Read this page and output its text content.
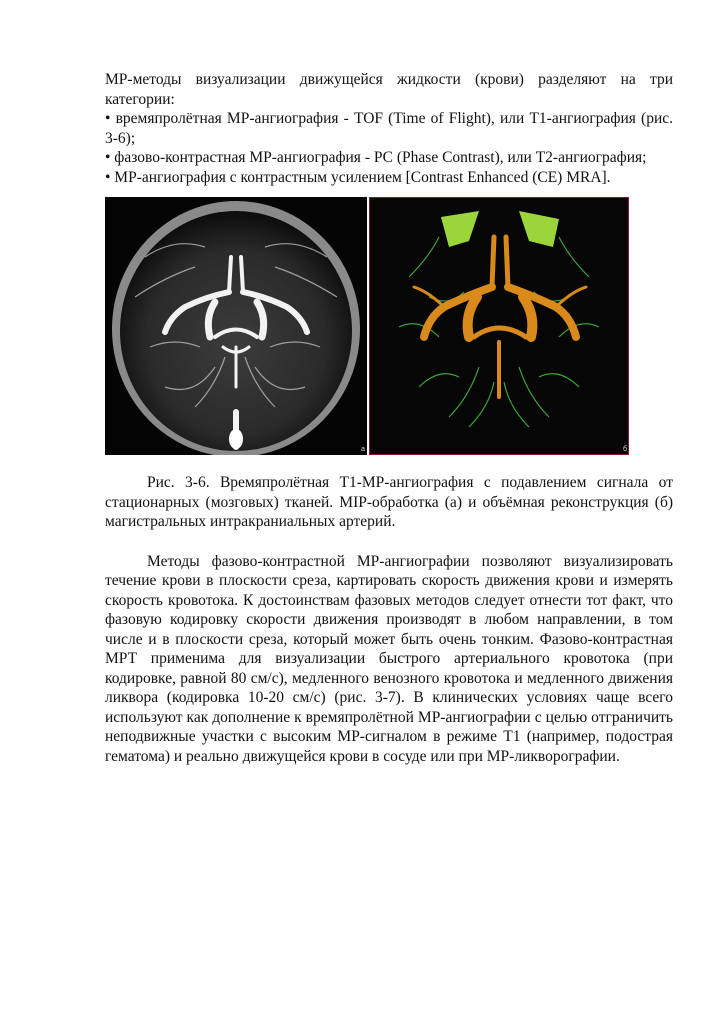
МР-методы визуализации движущейся жидкости (крови) разделяют на три категории:

• времяпролётная МР-ангиография - TOF (Time of Flight), или Т1-ангиография (рис. 3-6);

• фазово-контрастная МР-ангиография - РС (Phase Contrast), или Т2-ангиография;

• МР-ангиография с контрастным усилением [Contrast Enhanced (CE) MRA].

а	б

Рис. 3-6. Времяпролётная Т1-МР-ангиография с подавлением сигнала от стационарных (мозговых) тканей. MIP-обработка (а) и объёмная реконструкция (б) магистральных интракраниальных артерий.

Методы фазово-контрастной МР-ангиографии позволяют визуализировать течение крови в плоскости среза, картировать скорость движения крови и измерять скорость кровотока. К достоинствам фазовых методов следует отнести тот факт, что фазовую кодировку скорости движения производят в любом направлении, в том числе и в плоскости среза, который может быть очень тонким. Фазово-контрастная МРТ применима для визуализации быстрого артериального кровотока (при кодировке, равной 80 см/с), медленного венозного кровотока и медленного движения ликвора (кодировка 10-20 см/с) (рис. 3-7). В клинических условиях чаще всего используют как дополнение к времяпролётной МР-ангиографии с целью отграничить неподвижные участки с высоким МР-сигналом в режиме Т1 (например, подострая гематома) и реально движущейся крови в сосуде или при МР-ликворографии.
